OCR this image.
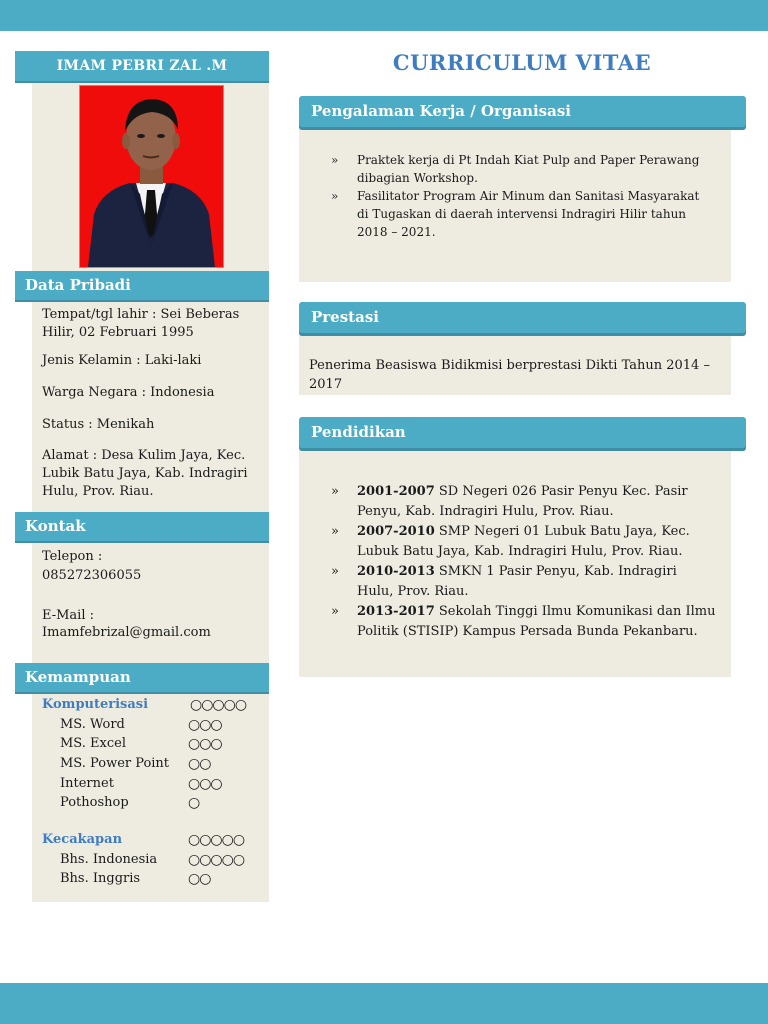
IMAM PEBRI ZAL .M
Data Pribadi
Tempat/tgl lahir : Sei Beberas Hilir, 02 Februari 1995
Jenis Kelamin : Laki-laki
Warga Negara : Indonesia
Status : Menikah
Alamat : Desa Kulim Jaya, Kec. Lubik Batu Jaya, Kab. Indragiri Hulu, Prov. Riau.
Kontak
Telepon :
085272306055
E-Mail :
Imamfebrizal@gmail.com
Kemampuan
Komputerisasi	○○○○○
MS. Word	○○○
MS. Excel	○○○
MS. Power Point ○○
Internet	○○○
Pothoshop	○
Kecakapan	○○○○○
Bhs. Indonesia ○○○○○
Bhs. Inggris	○○
CURRICULUM VITAE
Pengalaman Kerja / Organisasi
» Praktek kerja di Pt Indah Kiat Pulp and Paper Perawang dibagian Workshop.
» Fasilitator Program Air Minum dan Sanitasi Masyarakat di Tugaskan di daerah intervensi Indragiri Hilir tahun 2018 – 2021.
Prestasi
Penerima Beasiswa Bidikmisi berprestasi Dikti Tahun 2014 – 2017
Pendidikan
» 2001-2007 SD Negeri 026 Pasir Penyu Kec. Pasir Penyu, Kab. Indragiri Hulu, Prov. Riau.
» 2007-2010 SMP Negeri 01 Lubuk Batu Jaya, Kec. Lubuk Batu Jaya, Kab. Indragiri Hulu, Prov. Riau.
» 2010-2013 SMKN 1 Pasir Penyu, Kab. Indragiri Hulu, Prov. Riau.
» 2013-2017 Sekolah Tinggi Ilmu Komunikasi dan Ilmu Politik (STISIP) Kampus Persada Bunda Pekanbaru.
